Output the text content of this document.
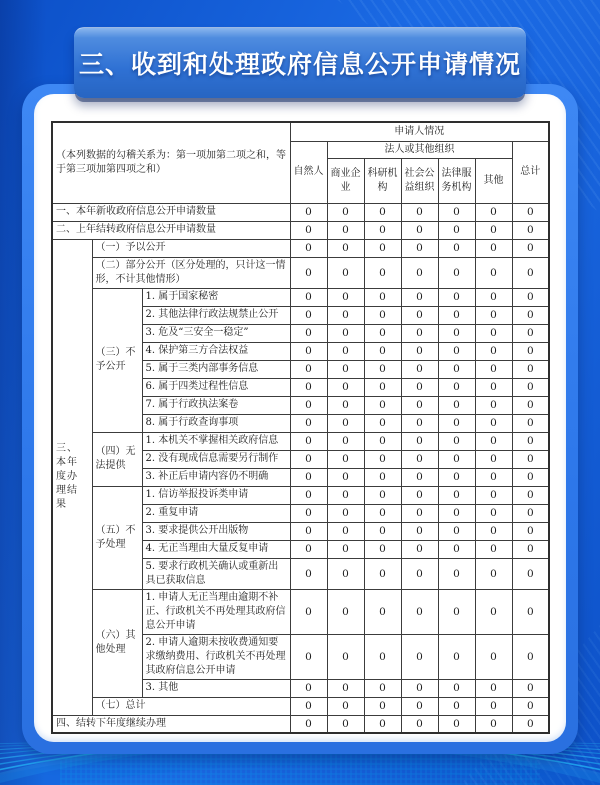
（本列数据的勾稽关系为：第一项加第二项之和，等于第三项加第四项之和）			申请人情况						
			自然人	法人或其他组织					总计
				商业企业	科研机构	社会公益组织	法律服务机构	其他	
一、本年新收政府信息公开申请数量			0	0	0	0	0	0	0
二、上年结转政府信息公开申请数量			0	0	0	0	0	0	0
三、本年度办理结果	（一）予以公开		0	0	0	0	0	0	0
	（二）部分公开（区分处理的，只计这一情形，不计其他情形）		0	0	0	0	0	0	0
	（三）不予公开	1. 属于国家秘密	0	0	0	0	0	0	0
		2. 其他法律行政法规禁止公开	0	0	0	0	0	0	0
		3. 危及“三安全一稳定”	0	0	0	0	0	0	0
		4. 保护第三方合法权益	0	0	0	0	0	0	0
		5. 属于三类内部事务信息	0	0	0	0	0	0	0
		6. 属于四类过程性信息	0	0	0	0	0	0	0
		7. 属于行政执法案卷	0	0	0	0	0	0	0
		8. 属于行政查询事项	0	0	0	0	0	0	0
	（四）无法提供	1. 本机关不掌握相关政府信息	0	0	0	0	0	0	0
		2. 没有现成信息需要另行制作	0	0	0	0	0	0	0
		3. 补正后申请内容仍不明确	0	0	0	0	0	0	0
	（五）不予处理	1. 信访举报投诉类申请	0	0	0	0	0	0	0
		2. 重复申请	0	0	0	0	0	0	0
		3. 要求提供公开出版物	0	0	0	0	0	0	0
		4. 无正当理由大量反复申请	0	0	0	0	0	0	0
		5. 要求行政机关确认或重新出具已获取信息	0	0	0	0	0	0	0
	（六）其他处理	1. 申请人无正当理由逾期不补正、行政机关不再处理其政府信息公开申请	0	0	0	0	0	0	0
		2. 申请人逾期未按收费通知要求缴纳费用、行政机关不再处理其政府信息公开申请	0	0	0	0	0	0	0
		3. 其他	0	0	0	0	0	0	0
	（七）总计		0	0	0	0	0	0	0
四、结转下年度继续办理			0	0	0	0	0	0	0
三、收到和处理政府信息公开申请情况
